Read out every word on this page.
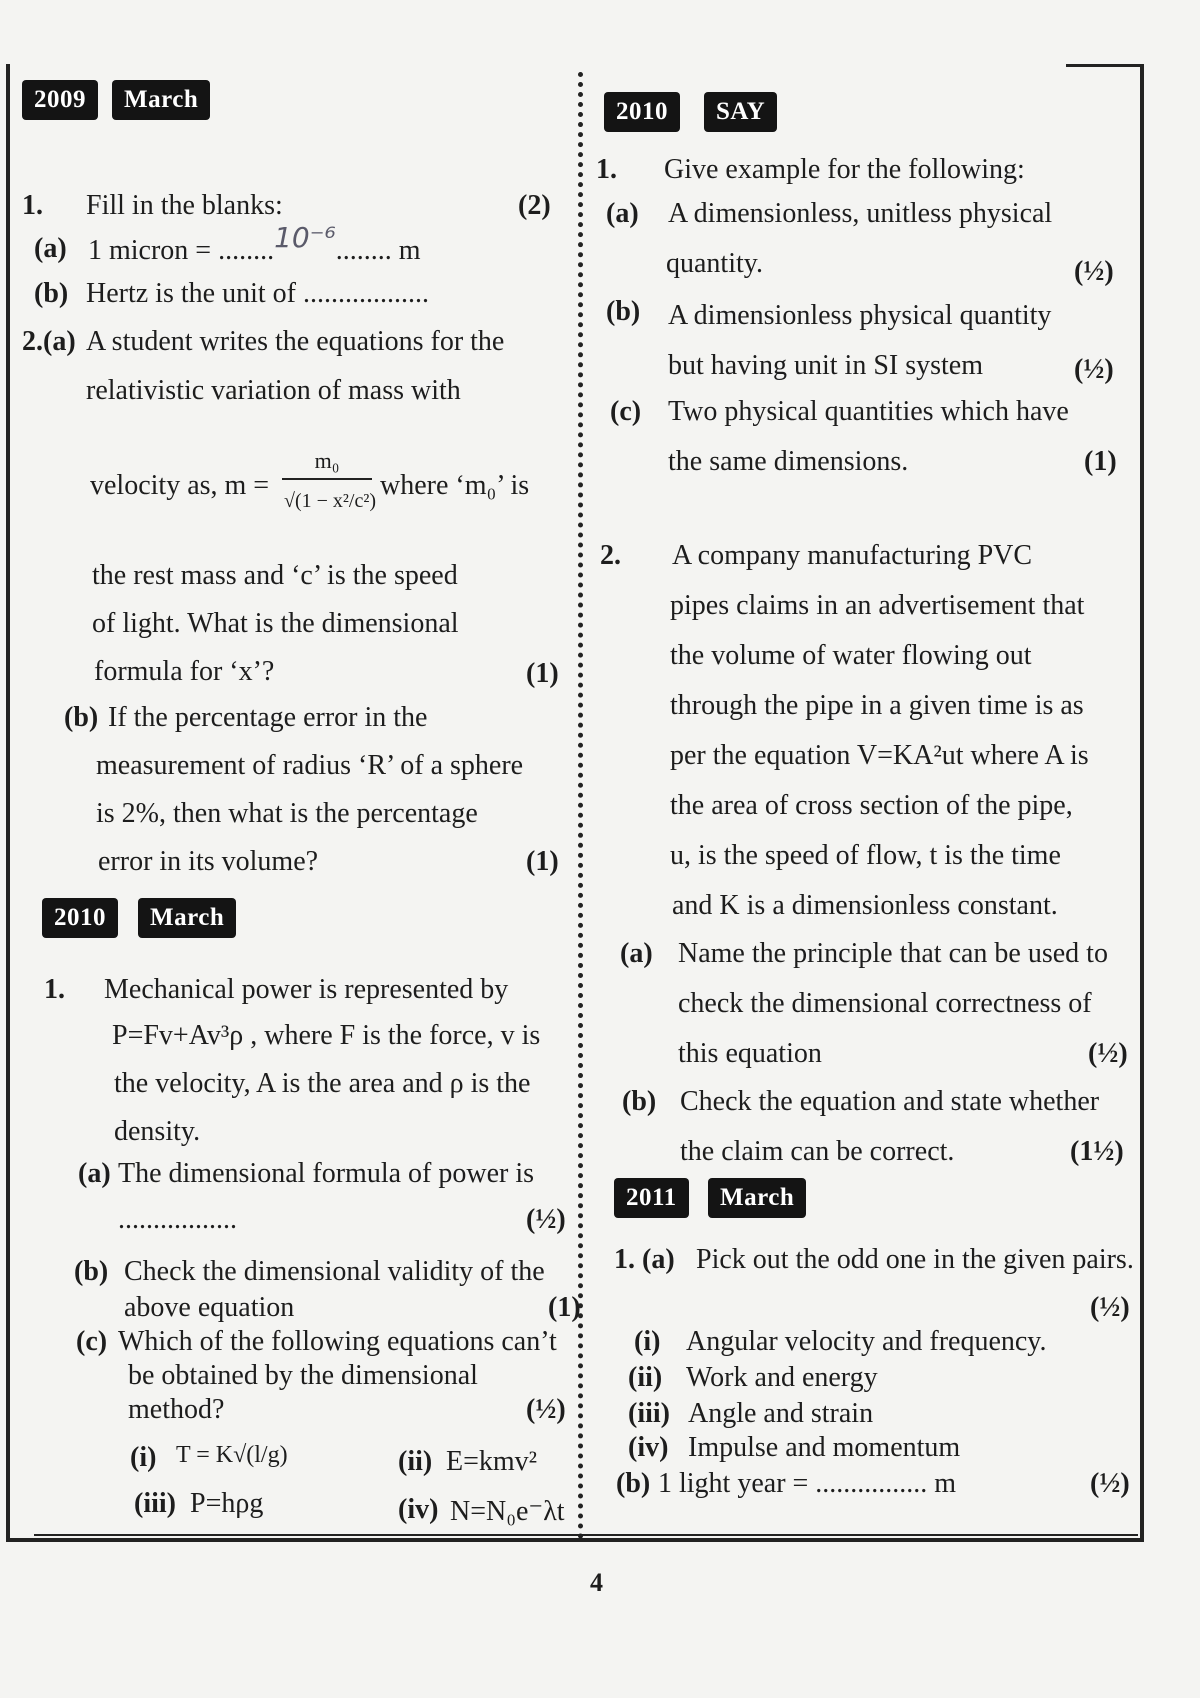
2009	March
1. Fill in the blanks:	(2)
(a) 1 micron = ........10⁻⁶........ m
(b) Hertz is the unit of ..................
2.(a) A student writes the equations for the
relativistic variation of mass with
velocity as, m =
m₀
√(1 − x²/c²) where ‘m₀’ is
the rest mass and ‘c’ is the speed
of light. What is the dimensional
formula for ‘x’?	(1)
(b) If the percentage error in the
measurement of radius ‘R’ of a sphere
is 2%, then what is the percentage
error in its volume?	(1)
2010	March
1. Mechanical power is represented by
P=Fv+Av³ρ , where F is the force, v is
the velocity, A is the area and ρ is the
density.
(a) The dimensional formula of power is
.................	(½)
(b) Check the dimensional validity of the
above equation	(1)
(c) Which of the following equations can’t
be obtained by the dimensional
method?	(½)
(i) T = K√(l/g)	(ii) E=kmv²
(iii) P=hρg	(iv) N=N₀e⁻λt
2010	SAY
1. Give example for the following:
(a) A dimensionless, unitless physical
quantity.	(½)
(b) A dimensionless physical quantity
but having unit in SI system	(½)
(c) Two physical quantities which have
the same dimensions.	(1)
2. A company manufacturing PVC
pipes claims in an advertisement that
the volume of water flowing out
through the pipe in a given time is as
per the equation V=KA²ut where A is
the area of cross section of the pipe,
u, is the speed of flow, t is the time
and K is a dimensionless constant.
(a) Name the principle that can be used to
check the dimensional correctness of
this equation	(½)
(b) Check the equation and state whether
the claim can be correct.	(1½)
2011	March
1. (a) Pick out the odd one in the given pairs.
(½)
(i) Angular velocity and frequency.
(ii) Work and energy
(iii) Angle and strain
(iv) Impulse and momentum
(b) 1 light year = ................ m	(½)
4
